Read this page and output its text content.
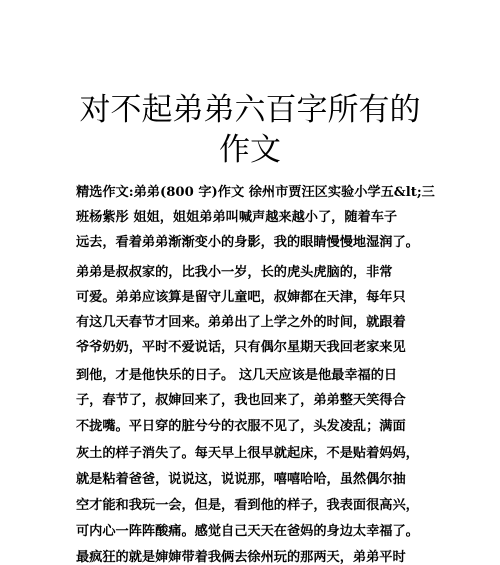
对不起弟弟六百字所有的
作文
精选作文:弟弟(800 字)作文 徐州市贾汪区实验小学五&lt;三
班杨紫彤 姐姐，姐姐弟弟叫喊声越来越小了，随着车子
远去，看着弟弟渐渐变小的身影，我的眼睛慢慢地湿润了。
弟弟是叔叔家的，比我小一岁，长的虎头虎脑的，非常
可爱。弟弟应该算是留守儿童吧，叔婶都在天津，每年只
有这几天春节才回来。弟弟出了上学之外的时间，就跟着
爷爷奶奶，平时不爱说话，只有偶尔星期天我回老家来见
到他，才是他快乐的日子。 这几天应该是他最幸福的日
子，春节了，叔婶回来了，我也回来了，弟弟整天笑得合
不拢嘴。平日穿的脏兮兮的衣服不见了，头发凌乱；满面
灰土的样子消失了。每天早上很早就起床，不是贴着妈妈，
就是粘着爸爸，说说这，说说那，嘻嘻哈哈，虽然偶尔抽
空才能和我玩一会，但是，看到他的样子，我表面很高兴，
可内心一阵阵酸痛。感觉自己天天在爸妈的身边太幸福了。
最疯狂的就是婶婶带着我俩去徐州玩的那两天，弟弟平时
